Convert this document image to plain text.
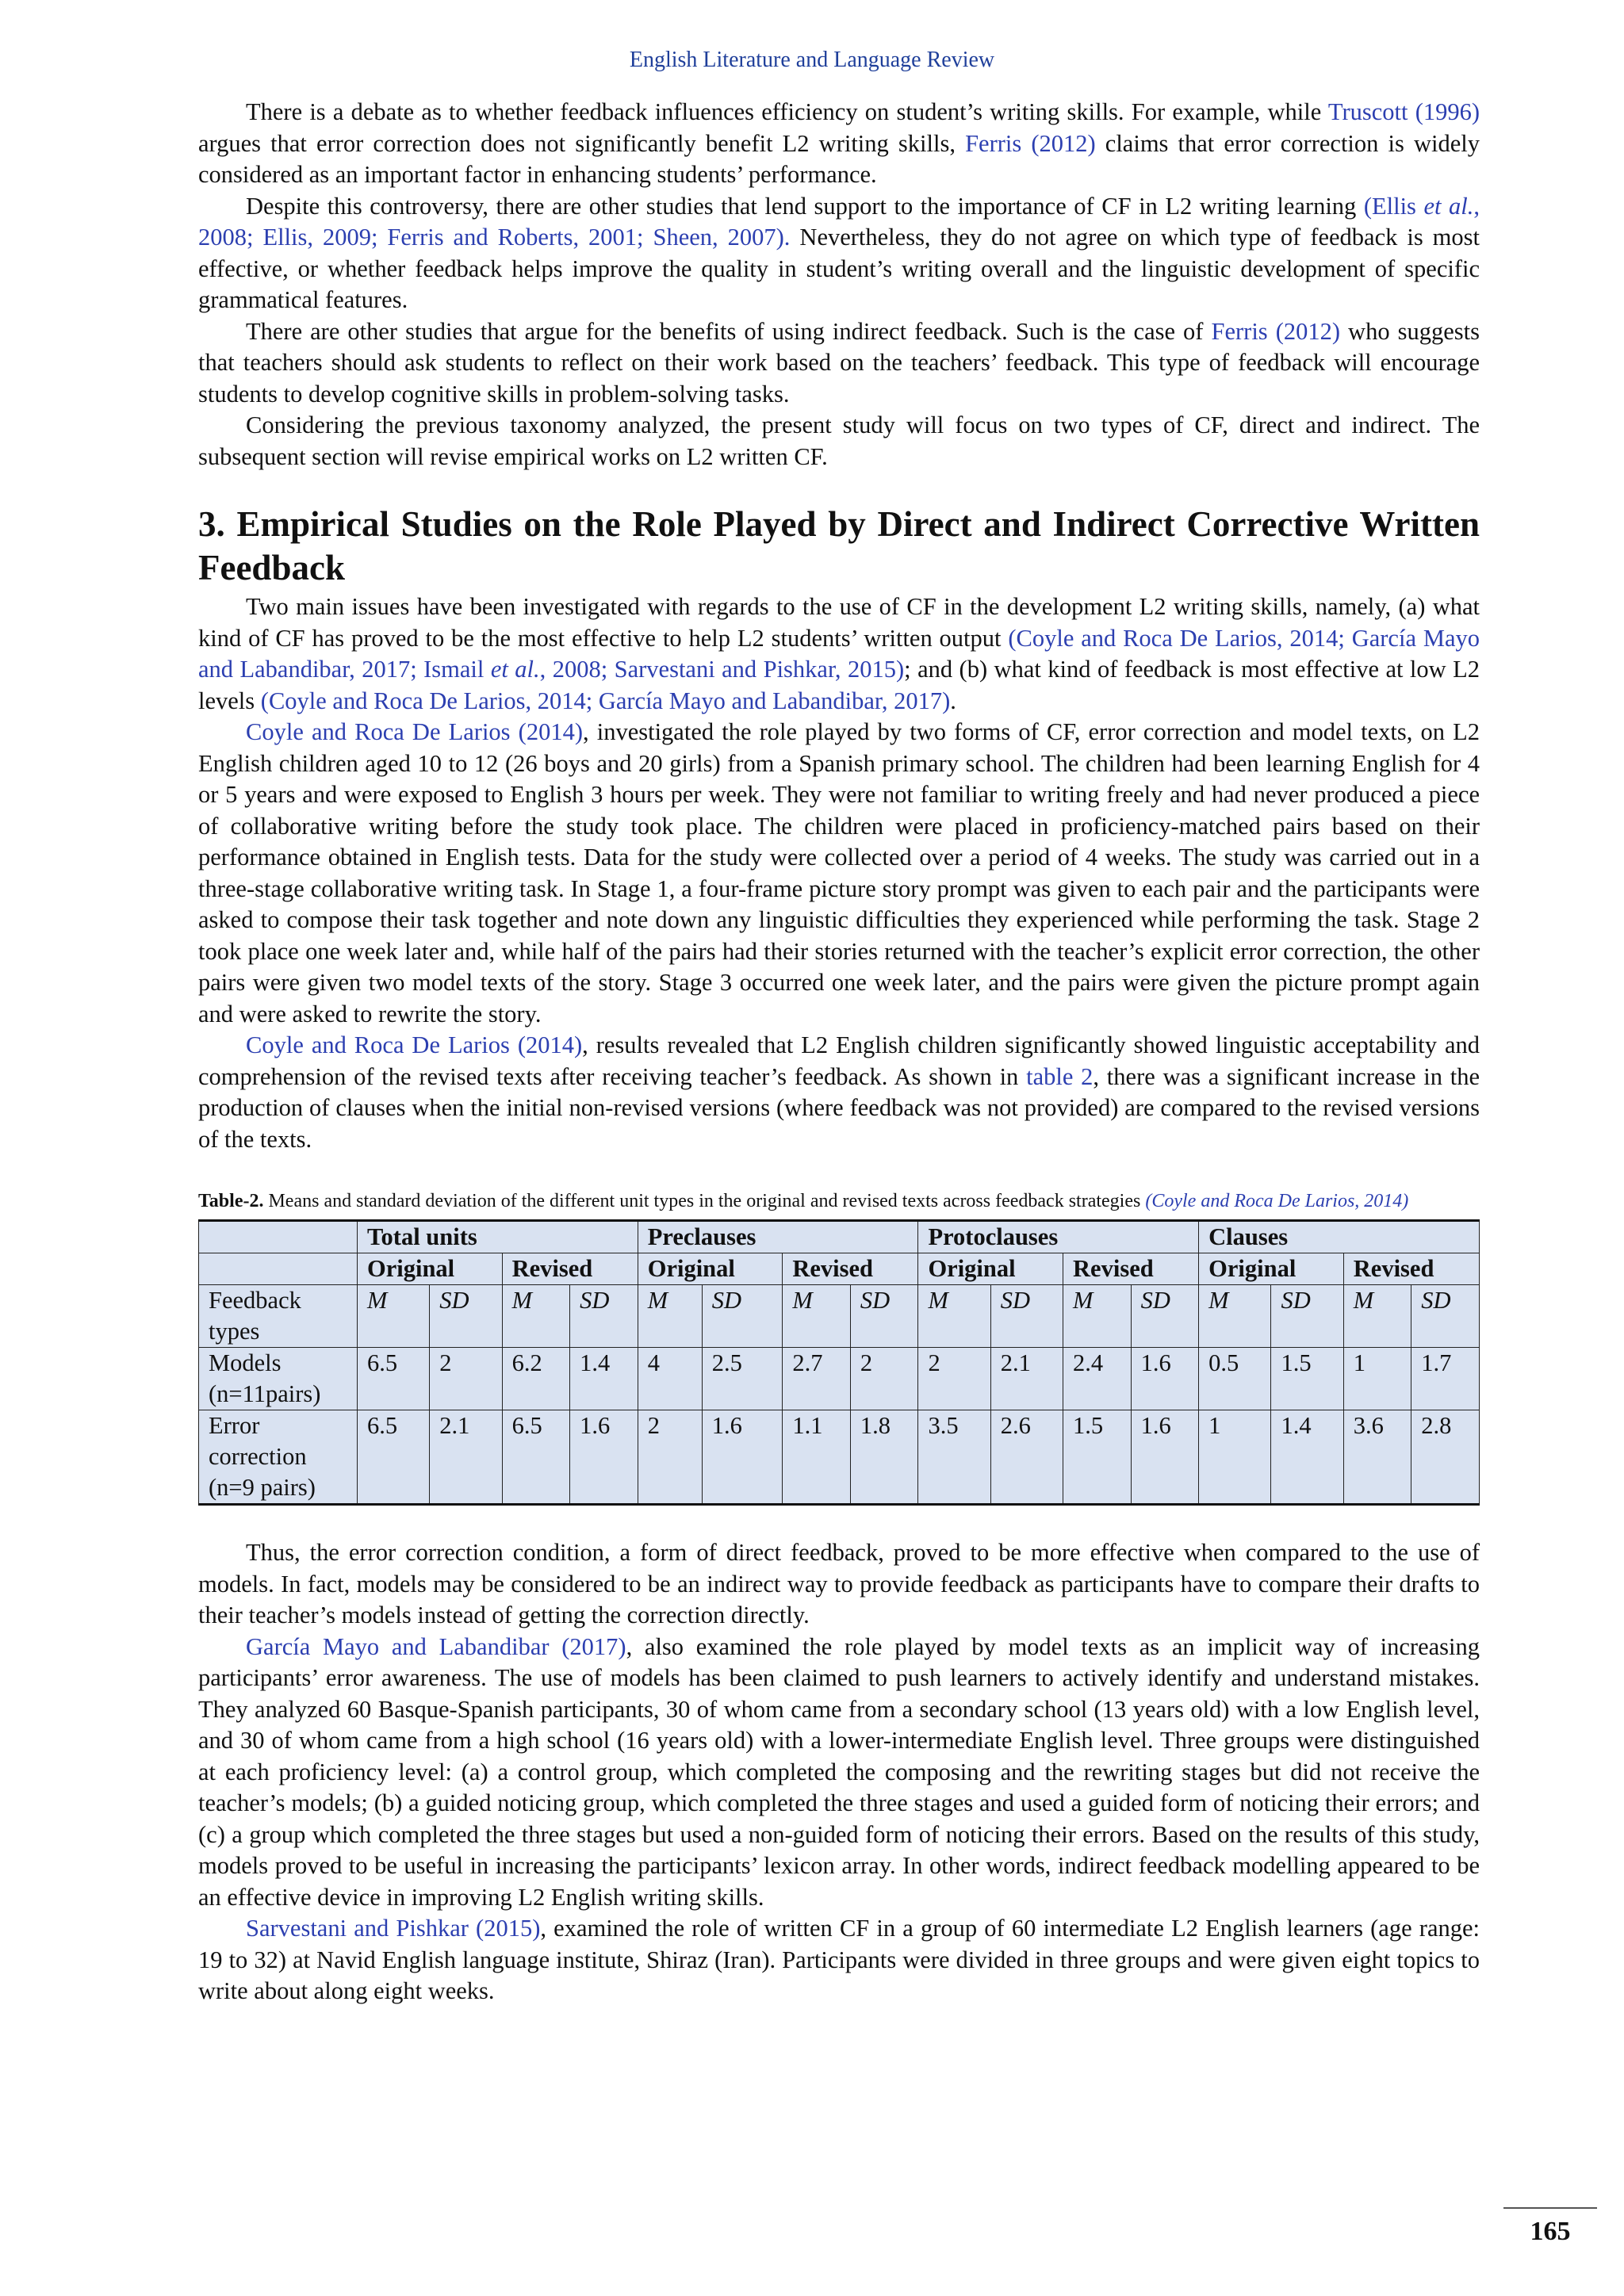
English Literature and Language Review

There is a debate as to whether feedback influences efficiency on student’s writing skills. For example, while Truscott (1996) argues that error correction does not significantly benefit L2 writing skills, Ferris (2012) claims that error correction is widely considered as an important factor in enhancing students’ performance.

Despite this controversy, there are other studies that lend support to the importance of CF in L2 writing learning (Ellis et al., 2008; Ellis, 2009; Ferris and Roberts, 2001; Sheen, 2007). Nevertheless, they do not agree on which type of feedback is most effective, or whether feedback helps improve the quality in student’s writing overall and the linguistic development of specific grammatical features.

There are other studies that argue for the benefits of using indirect feedback. Such is the case of Ferris (2012) who suggests that teachers should ask students to reflect on their work based on the teachers’ feedback. This type of feedback will encourage students to develop cognitive skills in problem-solving tasks.

Considering the previous taxonomy analyzed, the present study will focus on two types of CF, direct and indirect. The subsequent section will revise empirical works on L2 written CF.

3. Empirical Studies on the Role Played by Direct and Indirect Corrective Written Feedback

Two main issues have been investigated with regards to the use of CF in the development L2 writing skills, namely, (a) what kind of CF has proved to be the most effective to help L2 students’ written output (Coyle and Roca De Larios, 2014; García Mayo and Labandibar, 2017; Ismail et al., 2008; Sarvestani and Pishkar, 2015); and (b) what kind of feedback is most effective at low L2 levels (Coyle and Roca De Larios, 2014; García Mayo and Labandibar, 2017).

Coyle and Roca De Larios (2014), investigated the role played by two forms of CF, error correction and model texts, on L2 English children aged 10 to 12 (26 boys and 20 girls) from a Spanish primary school. The children had been learning English for 4 or 5 years and were exposed to English 3 hours per week. They were not familiar to writing freely and had never produced a piece of collaborative writing before the study took place. The children were placed in proficiency-matched pairs based on their performance obtained in English tests. Data for the study were collected over a period of 4 weeks. The study was carried out in a three-stage collaborative writing task. In Stage 1, a four-frame picture story prompt was given to each pair and the participants were asked to compose their task together and note down any linguistic difficulties they experienced while performing the task. Stage 2 took place one week later and, while half of the pairs had their stories returned with the teacher’s explicit error correction, the other pairs were given two model texts of the story. Stage 3 occurred one week later, and the pairs were given the picture prompt again and were asked to rewrite the story.

Coyle and Roca De Larios (2014), results revealed that L2 English children significantly showed linguistic acceptability and comprehension of the revised texts after receiving teacher’s feedback. As shown in table 2, there was a significant increase in the production of clauses when the initial non-revised versions (where feedback was not provided) are compared to the revised versions of the texts.

Table-2. Means and standard deviation of the different unit types in the original and revised texts across feedback strategies (Coyle and Roca De Larios, 2014)
	Total units				Preclauses				Protoclauses				Clauses			
	Original		Revised		Original		Revised		Original		Revised		Original		Revised	
Feedback types	M	SD	M	SD	M	SD	M	SD	M	SD	M	SD	M	SD	M	SD
Models (n=11pairs)	6.5	2	6.2	1.4	4	2.5	2.7	2	2	2.1	2.4	1.6	0.5	1.5	1	1.7
Error correction (n=9 pairs)	6.5	2.1	6.5	1.6	2	1.6	1.1	1.8	3.5	2.6	1.5	1.6	1	1.4	3.6	2.8

Thus, the error correction condition, a form of direct feedback, proved to be more effective when compared to the use of models. In fact, models may be considered to be an indirect way to provide feedback as participants have to compare their drafts to their teacher’s models instead of getting the correction directly.

García Mayo and Labandibar (2017), also examined the role played by model texts as an implicit way of increasing participants’ error awareness. The use of models has been claimed to push learners to actively identify and understand mistakes. They analyzed 60 Basque-Spanish participants, 30 of whom came from a secondary school (13 years old) with a low English level, and 30 of whom came from a high school (16 years old) with a lower-intermediate English level. Three groups were distinguished at each proficiency level: (a) a control group, which completed the composing and the rewriting stages but did not receive the teacher’s models; (b) a guided noticing group, which completed the three stages and used a guided form of noticing their errors; and (c) a group which completed the three stages but used a non-guided form of noticing their errors. Based on the results of this study, models proved to be useful in increasing the participants’ lexicon array. In other words, indirect feedback modelling appeared to be an effective device in improving L2 English writing skills.

Sarvestani and Pishkar (2015), examined the role of written CF in a group of 60 intermediate L2 English learners (age range: 19 to 32) at Navid English language institute, Shiraz (Iran). Participants were divided in three groups and were given eight topics to write about along eight weeks.

165
